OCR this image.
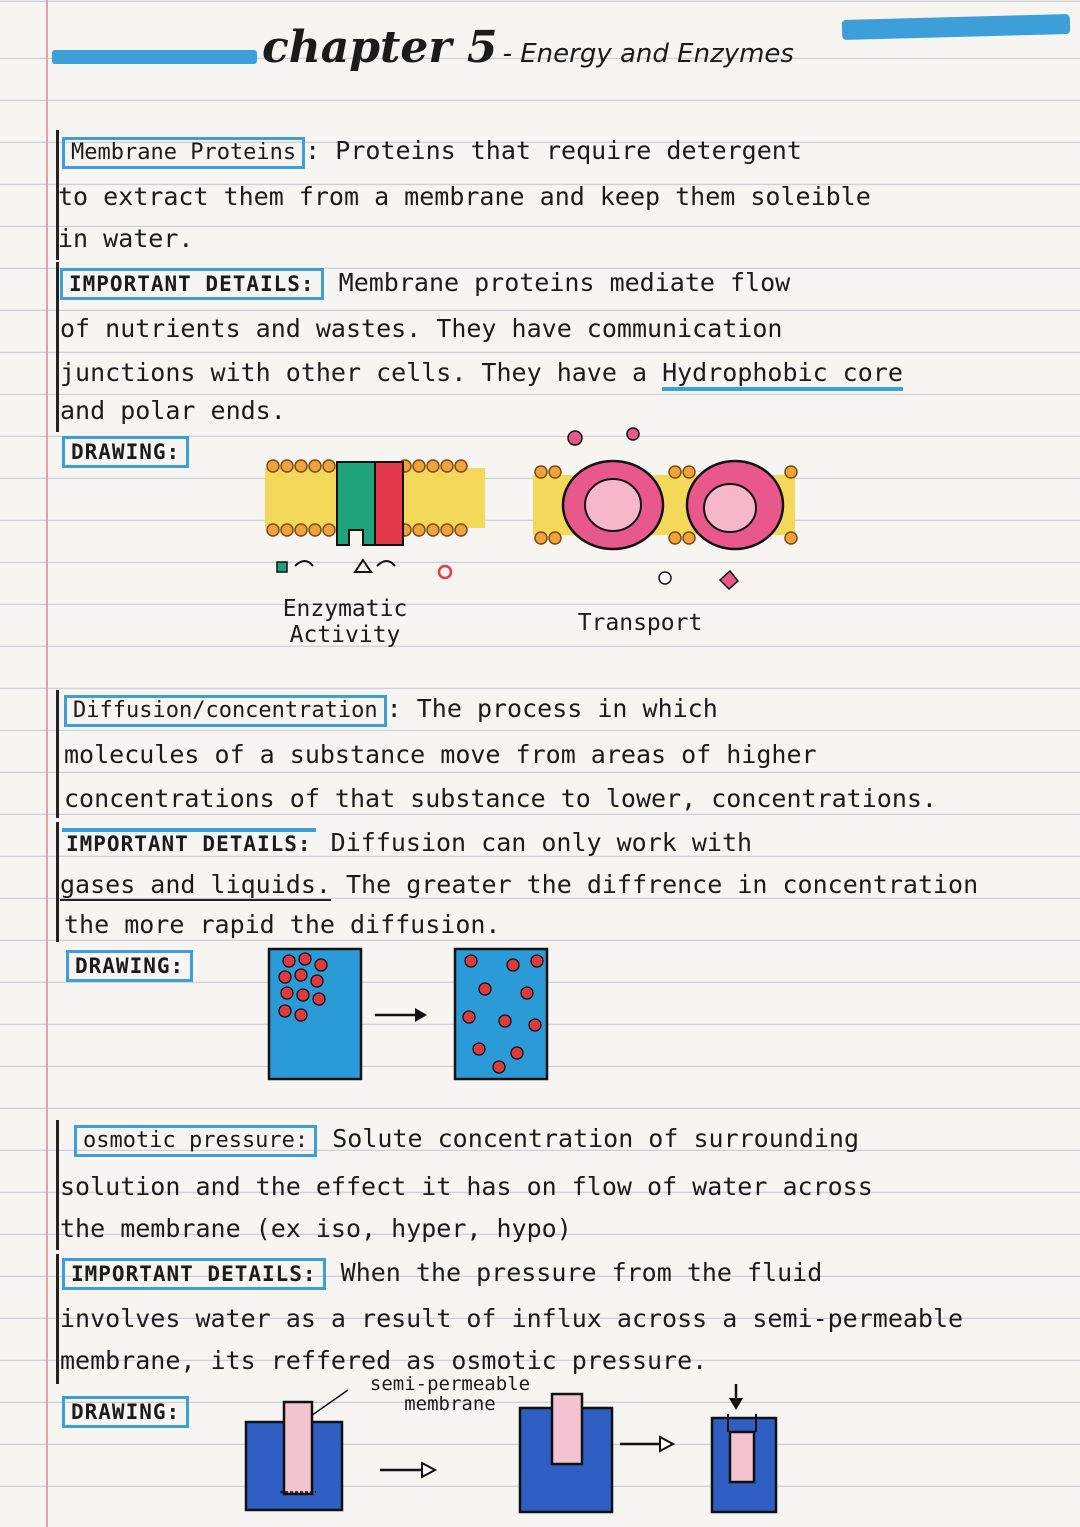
chapter 5 - Energy and Enzymes
Membrane Proteins : Proteins that require detergent
to extract them from a membrane and keep them soleible
in water.
IMPORTANT DETAILS: Membrane proteins mediate flow
of nutrients and wastes. They have communication
junctions with other cells. They have a Hydrophobic core
and polar ends.
DRAWING:
Enzymatic
Activity	Transport
Diffusion/concentration : The process in which
molecules of a substance move from areas of higher
concentrations of that substance to lower, concentrations.
IMPORTANT DETAILS: Diffusion can only work with
gases and liquids. The greater the diffrence in concentration
the more rapid the diffusion.
DRAWING:
osmotic pressure: Solute concentration of surrounding
solution and the effect it has on flow of water across
the membrane (ex iso, hyper, hypo)
IMPORTANT DETAILS: When the pressure from the fluid
involves water as a result of influx across a semi-permeable
membrane, its reffered as osmotic pressure.
DRAWING:
semi-permeable
membrane
